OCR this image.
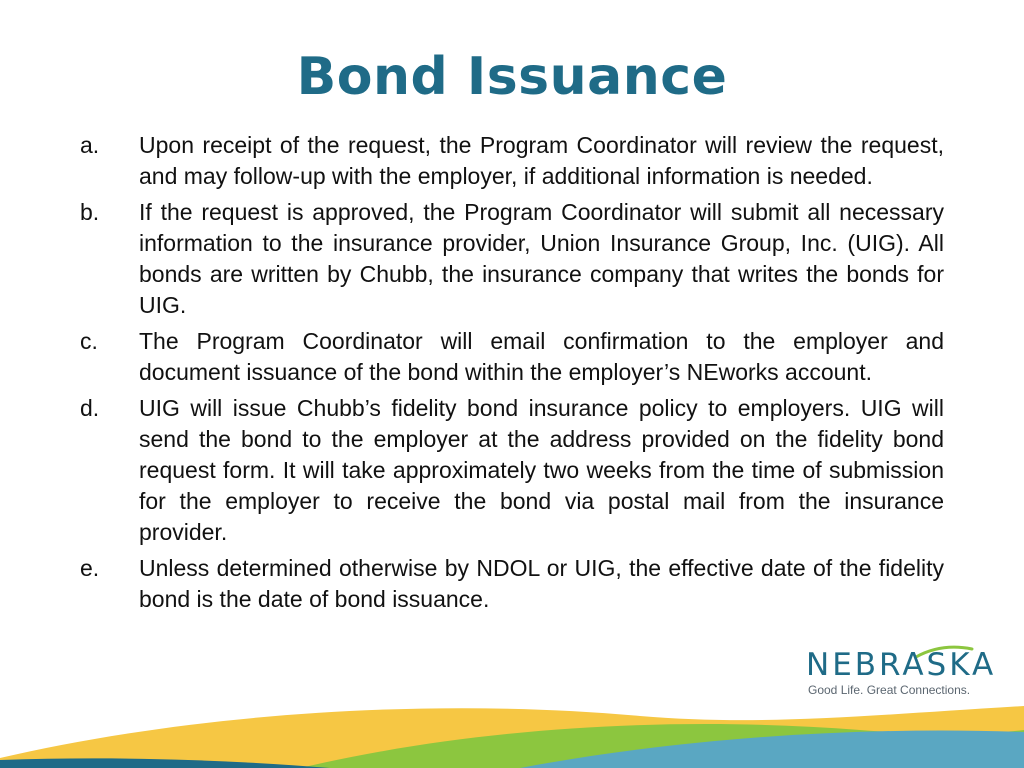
Bond Issuance
a.	Upon receipt of the request, the Program Coordinator will review the request, and may follow-up with the employer, if additional information is needed.
b.	If the request is approved, the Program Coordinator will submit all necessary information to the insurance provider, Union Insurance Group, Inc. (UIG). All bonds are written by Chubb, the insurance company that writes the bonds for UIG.
c.	The Program Coordinator will email confirmation to the employer and document issuance of the bond within the employer’s NEworks account.
d.	UIG will issue Chubb’s fidelity bond insurance policy to employers. UIG will send the bond to the employer at the address provided on the fidelity bond request form. It will take approximately two weeks from the time of submission for the employer to receive the bond via postal mail from the insurance provider.
e.	Unless determined otherwise by NDOL or UIG, the effective date of the fidelity bond is the date of bond issuance.
NEBRASKA
Good Life. Great Connections.
